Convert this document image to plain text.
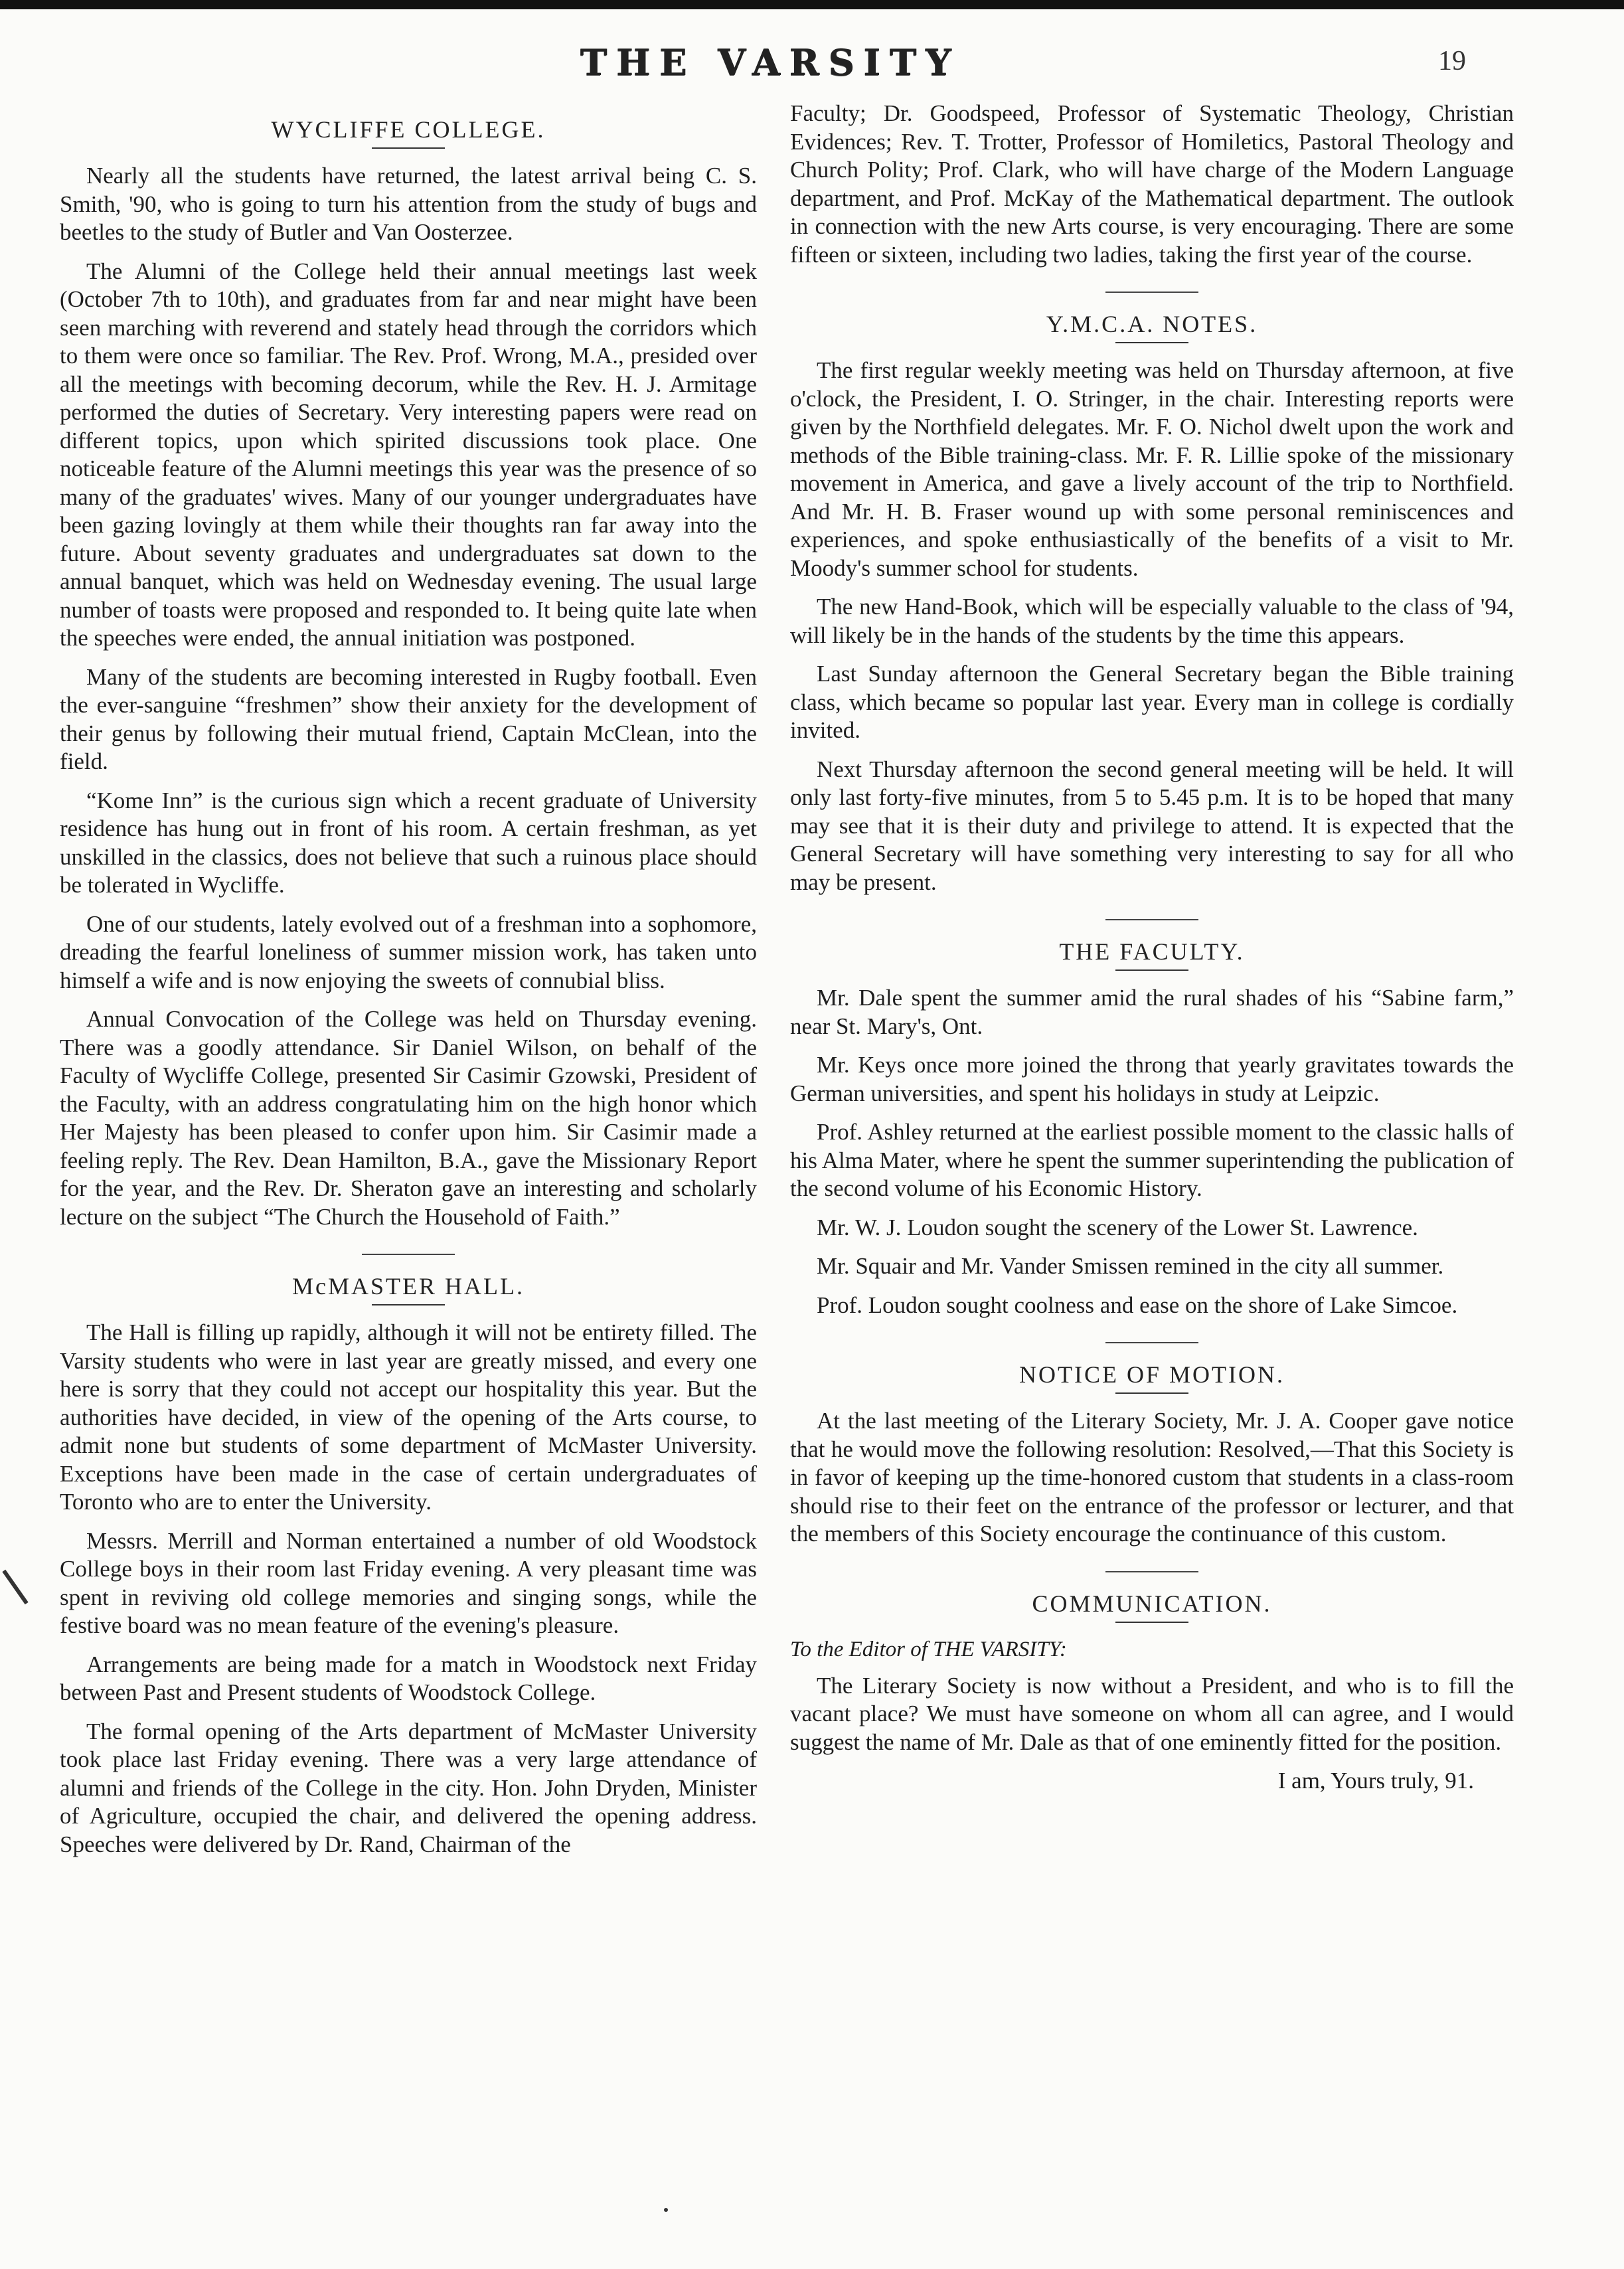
THE VARSITY	19
WYCLIFFE COLLEGE.

Nearly all the students have returned, the latest arrival being C. S. Smith, '90, who is going to turn his attention from the study of bugs and beetles to the study of Butler and Van Oosterzee.

The Alumni of the College held their annual meetings last week (October 7th to 10th), and graduates from far and near might have been seen marching with reverend and stately head through the corridors which to them were once so familiar. The Rev. Prof. Wrong, M.A., presided over all the meetings with becoming decorum, while the Rev. H. J. Armitage performed the duties of Secretary. Very interesting papers were read on different topics, upon which spirited discussions took place. One noticeable feature of the Alumni meetings this year was the presence of so many of the graduates' wives. Many of our younger undergraduates have been gazing lovingly at them while their thoughts ran far away into the future. About seventy graduates and undergraduates sat down to the annual banquet, which was held on Wednesday evening. The usual large number of toasts were proposed and responded to. It being quite late when the speeches were ended, the annual initiation was postponed.

Many of the students are becoming interested in Rugby football. Even the ever-sanguine “freshmen” show their anxiety for the development of their genus by following their mutual friend, Captain McClean, into the field.

“Kome Inn” is the curious sign which a recent graduate of University residence has hung out in front of his room. A certain freshman, as yet unskilled in the classics, does not believe that such a ruinous place should be tolerated in Wycliffe.

One of our students, lately evolved out of a freshman into a sophomore, dreading the fearful loneliness of summer mission work, has taken unto himself a wife and is now enjoying the sweets of connubial bliss.

Annual Convocation of the College was held on Thursday evening. There was a goodly attendance. Sir Daniel Wilson, on behalf of the Faculty of Wycliffe College, presented Sir Casimir Gzowski, President of the Faculty, with an address congratulating him on the high honor which Her Majesty has been pleased to confer upon him. Sir Casimir made a feeling reply. The Rev. Dean Hamilton, B.A., gave the Missionary Report for the year, and the Rev. Dr. Sheraton gave an interesting and scholarly lecture on the subject “The Church the Household of Faith.”

McMASTER HALL.

The Hall is filling up rapidly, although it will not be entirety filled. The Varsity students who were in last year are greatly missed, and every one here is sorry that they could not accept our hospitality this year. But the authorities have decided, in view of the opening of the Arts course, to admit none but students of some department of McMaster University. Exceptions have been made in the case of certain undergraduates of Toronto who are to enter the University.

Messrs. Merrill and Norman entertained a number of old Woodstock College boys in their room last Friday evening. A very pleasant time was spent in reviving old college memories and singing songs, while the festive board was no mean feature of the evening's pleasure.

Arrangements are being made for a match in Woodstock next Friday between Past and Present students of Woodstock College.

The formal opening of the Arts department of McMaster University took place last Friday evening. There was a very large attendance of alumni and friends of the College in the city. Hon. John Dryden, Minister of Agriculture, occupied the chair, and delivered the opening address. Speeches were delivered by Dr. Rand, Chairman of the

Faculty; Dr. Goodspeed, Professor of Systematic Theology, Christian Evidences; Rev. T. Trotter, Professor of Homiletics, Pastoral Theology and Church Polity; Prof. Clark, who will have charge of the Modern Language department, and Prof. McKay of the Mathematical department. The outlook in connection with the new Arts course, is very encouraging. There are some fifteen or sixteen, including two ladies, taking the first year of the course.

Y.M.C.A. NOTES.

The first regular weekly meeting was held on Thursday afternoon, at five o'clock, the President, I. O. Stringer, in the chair. Interesting reports were given by the Northfield delegates. Mr. F. O. Nichol dwelt upon the work and methods of the Bible training-class. Mr. F. R. Lillie spoke of the missionary movement in America, and gave a lively account of the trip to Northfield. And Mr. H. B. Fraser wound up with some personal reminiscences and experiences, and spoke enthusiastically of the benefits of a visit to Mr. Moody's summer school for students.

The new Hand-Book, which will be especially valuable to the class of '94, will likely be in the hands of the students by the time this appears.

Last Sunday afternoon the General Secretary began the Bible training class, which became so popular last year. Every man in college is cordially invited.

Next Thursday afternoon the second general meeting will be held. It will only last forty-five minutes, from 5 to 5.45 p.m. It is to be hoped that many may see that it is their duty and privilege to attend. It is expected that the General Secretary will have something very interesting to say for all who may be present.

THE FACULTY.

Mr. Dale spent the summer amid the rural shades of his “Sabine farm,” near St. Mary's, Ont.

Mr. Keys once more joined the throng that yearly gravitates towards the German universities, and spent his holidays in study at Leipzic.

Prof. Ashley returned at the earliest possible moment to the classic halls of his Alma Mater, where he spent the summer superintending the publication of the second volume of his Economic History.

Mr. W. J. Loudon sought the scenery of the Lower St. Lawrence.

Mr. Squair and Mr. Vander Smissen remined in the city all summer.

Prof. Loudon sought coolness and ease on the shore of Lake Simcoe.

NOTICE OF MOTION.

At the last meeting of the Literary Society, Mr. J. A. Cooper gave notice that he would move the following resolution: Resolved,—That this Society is in favor of keeping up the time-honored custom that students in a class-room should rise to their feet on the entrance of the professor or lecturer, and that the members of this Society encourage the continuance of this custom.

COMMUNICATION.

To the Editor of THE VARSITY:

The Literary Society is now without a President, and who is to fill the vacant place? We must have someone on whom all can agree, and I would suggest the name of Mr. Dale as that of one eminently fitted for the position.

I am, Yours truly, 91.
